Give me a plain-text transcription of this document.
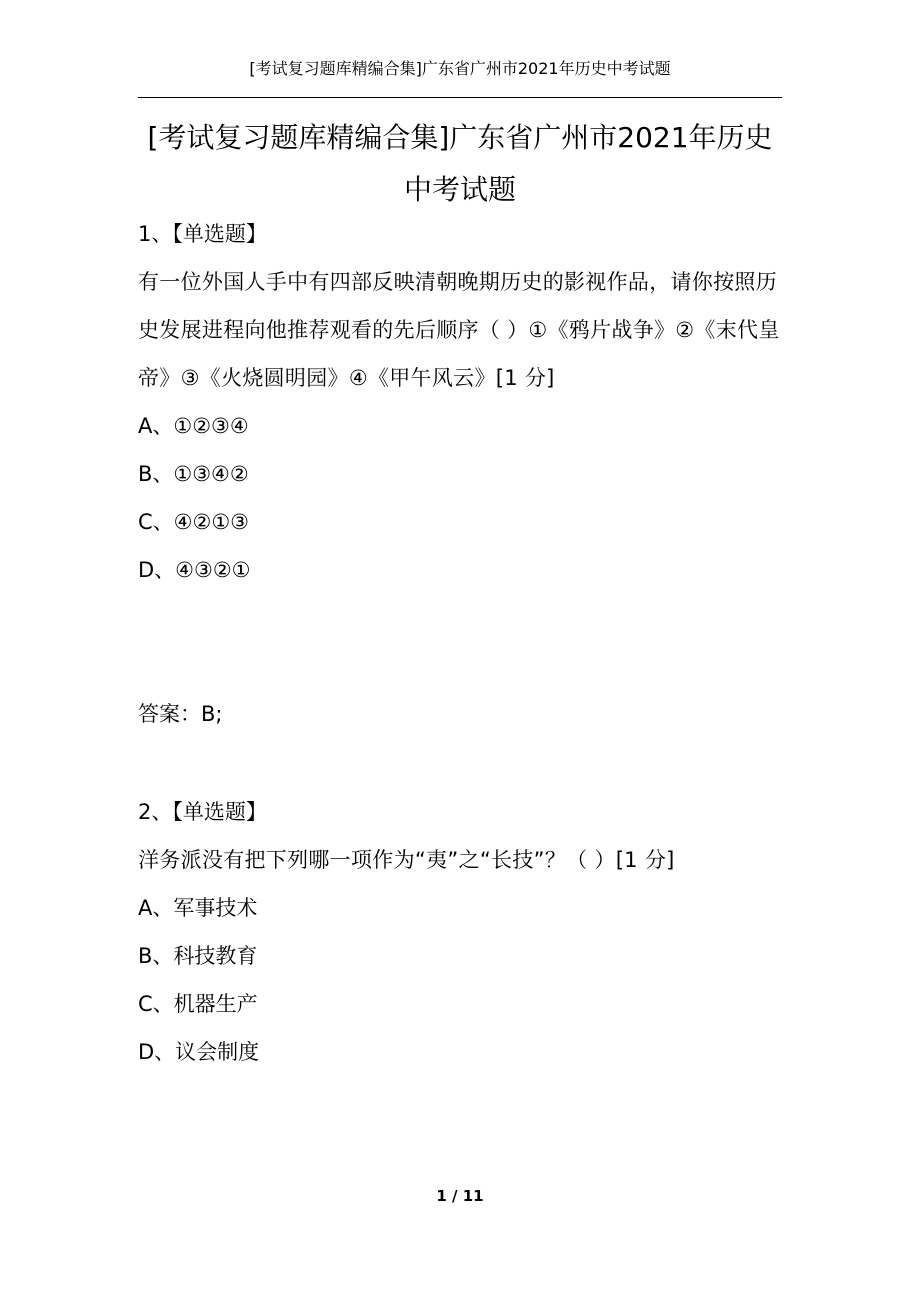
[考试复习题库精编合集]广东省广州市2021年历史中考试题
[考试复习题库精编合集]广东省广州市2021年历史中考试题
1、【单选题】
有一位外国人手中有四部反映清朝晚期历史的影视作品，请你按照历
史发展进程向他推荐观看的先后顺序（ ）①《鸦片战争》②《末代皇
帝》③《火烧圆明园》④《甲午风云》[1 分]
A、①②③④
B、①③④②
C、④②①③
D、④③②①
答案：B;
2、【单选题】
洋务派没有把下列哪一项作为“夷”之“长技”？（ ）[1 分]
A、军事技术
B、科技教育
C、机器生产
D、议会制度
1 / 11
